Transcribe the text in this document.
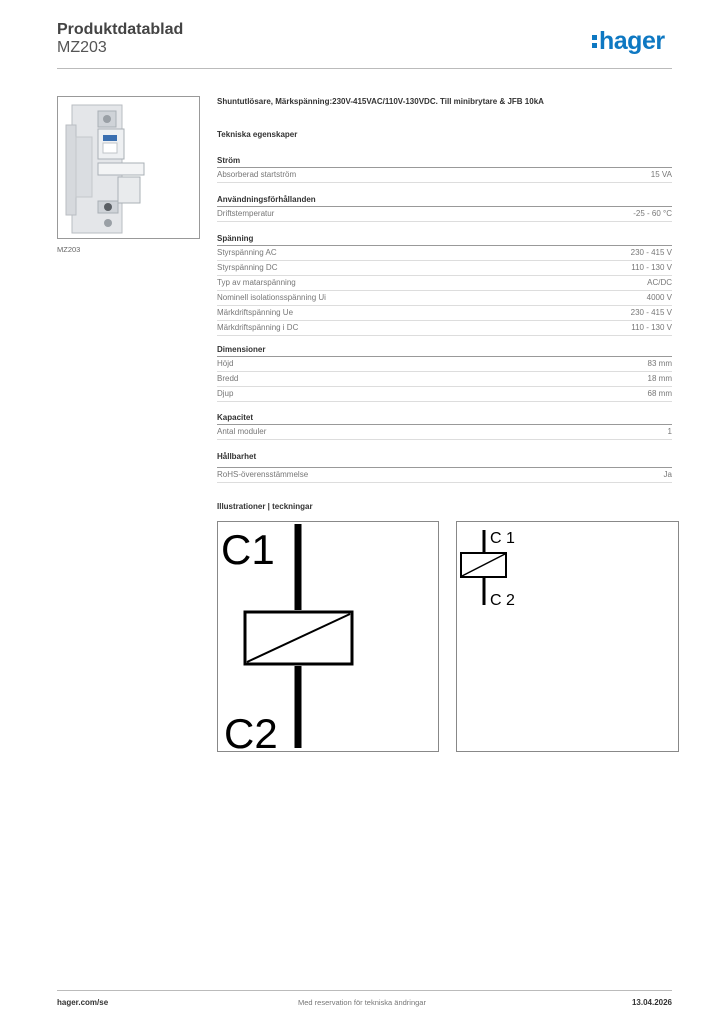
Produktdatablad
MZ203	hager
MZ203
Shuntutlösare, Märkspänning:230V-415VAC/110V-130VDC. Till minibrytare & JFB 10kA
Tekniska egenskaper
Ström
Absorberad startström	15 VA
Användningsförhållanden
Driftstemperatur	-25 - 60 °C
Spänning
Styrspänning AC	230 - 415 V
Styrspänning DC	110 - 130 V
Typ av matarspänning	AC/DC
Nominell isolationsspänning Ui	4000 V
Märkdriftspänning Ue	230 - 415 V
Märkdriftspänning i DC	110 - 130 V
Dimensioner
Höjd	83 mm
Bredd	18 mm
Djup	68 mm
Kapacitet
Antal moduler	1
Hållbarhet
RoHS-överensstämmelse	Ja
Illustrationer | teckningar
C1
C2
C 1
C 2
hager.com/se	Med reservation för tekniska ändringar	13.04.2026
